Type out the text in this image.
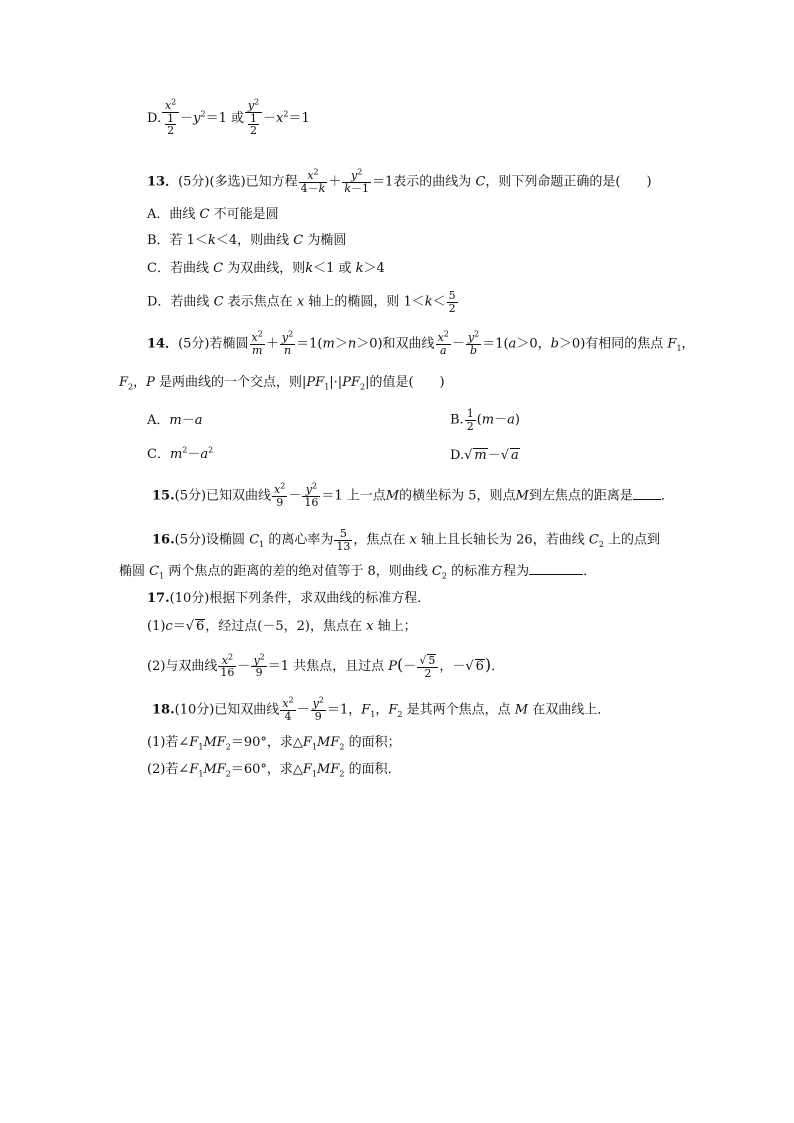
D. $\frac{x^2}{\frac{1}{2}} -y^2=1$ 或 $\frac{y^2}{\frac{1}{2}} -x^2=1$
13．(5分)(多选)已知方程 $\frac{x^2}{4-k} + \frac{y^2}{k-1} =1$表示的曲线为 C，则下列命题正确的是(　　)
A．曲线 C 不可能是圆
B．若 1＜k＜4，则曲线 C 为椭圆
C．若曲线 C 为双曲线，则k＜1 或 k＞4
D．若曲线 C 表示焦点在 x 轴上的椭圆，则 $1<k< \frac{5}{2}$
14．(5分)若椭圆 $\frac{x^2}{m} + \frac{y^2}{n} =1(m>n>0)$和双曲线 $\frac{x^2}{a} - \frac{y^2}{b} =1(a>0$，b＞0)有相同的焦点 $F_1$，
$F_2$，P 是两曲线的一个交点，则$|PF_1|\cdot|PF_2|$的值是(　　)
A．m－a	B. $\frac{1}{2} (m-a)$
C．$m^2-a^2$	D.√ m－√ a
15.(5分)已知双曲线 $\frac{x^2}{9} - \frac{y^2}{16} =1$ 上一点M的横坐标为 5，则点M到左焦点的距离是 ．
16.(5分)设椭圆 $C_1$ 的离心率为 $\frac{5}{13}$ ，焦点在 x 轴上且长轴长为 26，若曲线 $C_2$ 上的点到
椭圆 $C_1$ 两个焦点的距离的差的绝对值等于 8，则曲线 $C_2$ 的标准方程为	．
17.(10分)根据下列条件，求双曲线的标准方程．
(1)c＝√ 6，经过点(－5，2)，焦点在 x 轴上；
(2)与双曲线 $\frac{x^2}{16} - \frac{y^2}{9} =1$ 共焦点，且过点 $P(- \frac{√ 5}{2}$ ，－√ 6)．
18.(10分)已知双曲线 $\frac{x^2}{4} - \frac{y^2}{9} =1$，$F_1$，$F_2$ 是其两个焦点，点 M 在双曲线上．
(1)若$\angle F_1MF_2=90^\circ$，求$\triangle F_1MF_2$ 的面积；
(2)若$\angle F_1MF_2=60^\circ$，求$\triangle F_1MF_2$ 的面积．
